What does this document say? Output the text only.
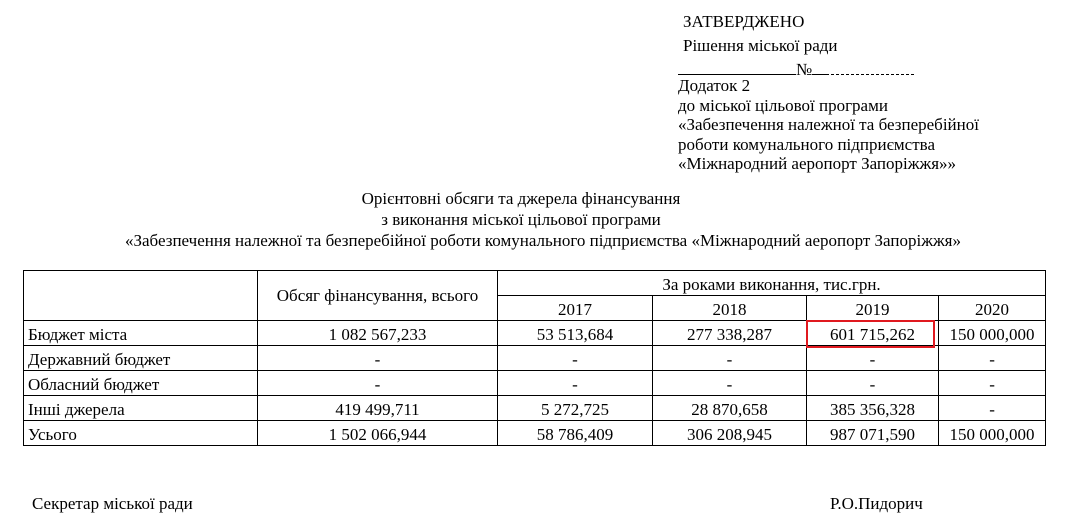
ЗАТВЕРДЖЕНО
Рішення міської ради
№
Додаток 2
до міської цільової програми
«Забезпечення належної та безперебійної
роботи комунального підприємства
«Міжнародний аеропорт Запоріжжя»»
Орієнтовні обсяги та джерела фінансування
з виконання міської цільової програми
«Забезпечення належної та безперебійної роботи комунального підприємства «Міжнародний аеропорт Запоріжжя»
	Обсяг фінансування, всього	За роками виконання, тис.грн.			
		2017	2018	2019	2020
Бюджет міста	1 082 567,233	53 513,684	277 338,287	601 715,262	150 000,000
Державний бюджет	-	-	-	-	-
Обласний бюджет	-	-	-	-	-
Інші джерела	419 499,711	5 272,725	28 870,658	385 356,328	-
Усього	1 502 066,944	58 786,409	306 208,945	987 071,590	150 000,000
Секретар міської ради	Р.О.Пидорич
